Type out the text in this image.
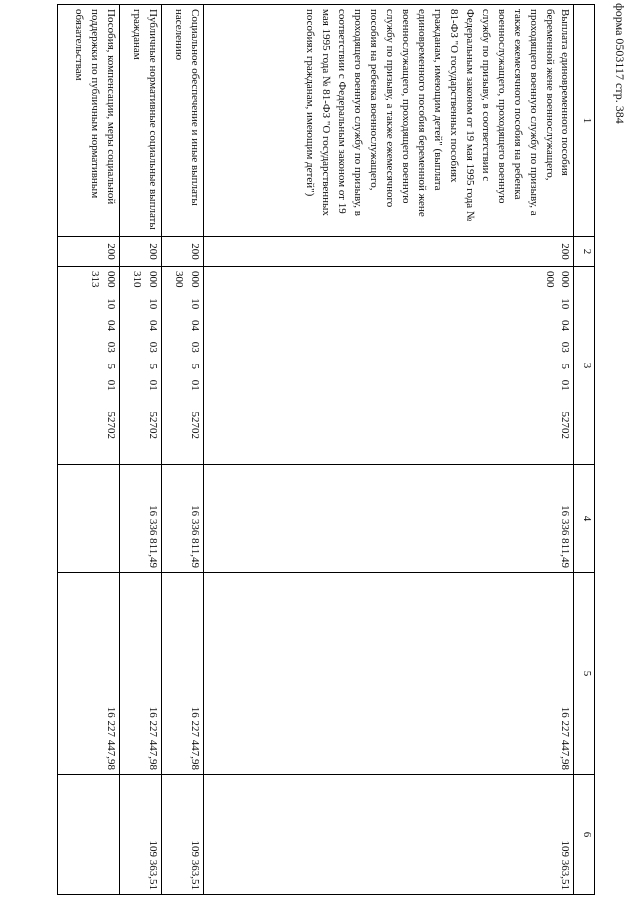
форма 0503117 стр. 384
1	2	3	4	5	6
Выплата единовременного пособия беременной жене военнослужащего, проходящего военную службу по призыву, а также ежемесячного пособия на ребенка военнослужащего, проходящего военную службу по призыву, в соответствии с Федеральным законом от 19 мая 1995 года № 81-ФЗ "О государственных пособиях гражданам, имеющим детей" (выплата единовременного пособия беременной жене военнослужащего, проходящего военную службу по призыву, а также ежемесячного пособия на ребенка военнослужащего, проходящего военную службу по призыву, в соответствии с Федеральным законом от 19 мая 1995 года № 81-ФЗ "О государственных пособиях гражданам, имеющим детей")	200	000 10 04 03 5 01 52702 000	16 336 811,49	16 227 447,98	109 363,51
Социальное обеспечение и иные выплаты населению	200	000 10 04 03 5 01 52702 300	16 336 811,49	16 227 447,98	109 363,51
Публичные нормативные социальные выплаты гражданам	200	000 10 04 03 5 01 52702 310	16 336 811,49	16 227 447,98	109 363,51
Пособия, компенсации, меры социальной поддержки по публичным нормативным обязательствам	200	000 10 04 03 5 01 52702 313		16 227 447,98	
